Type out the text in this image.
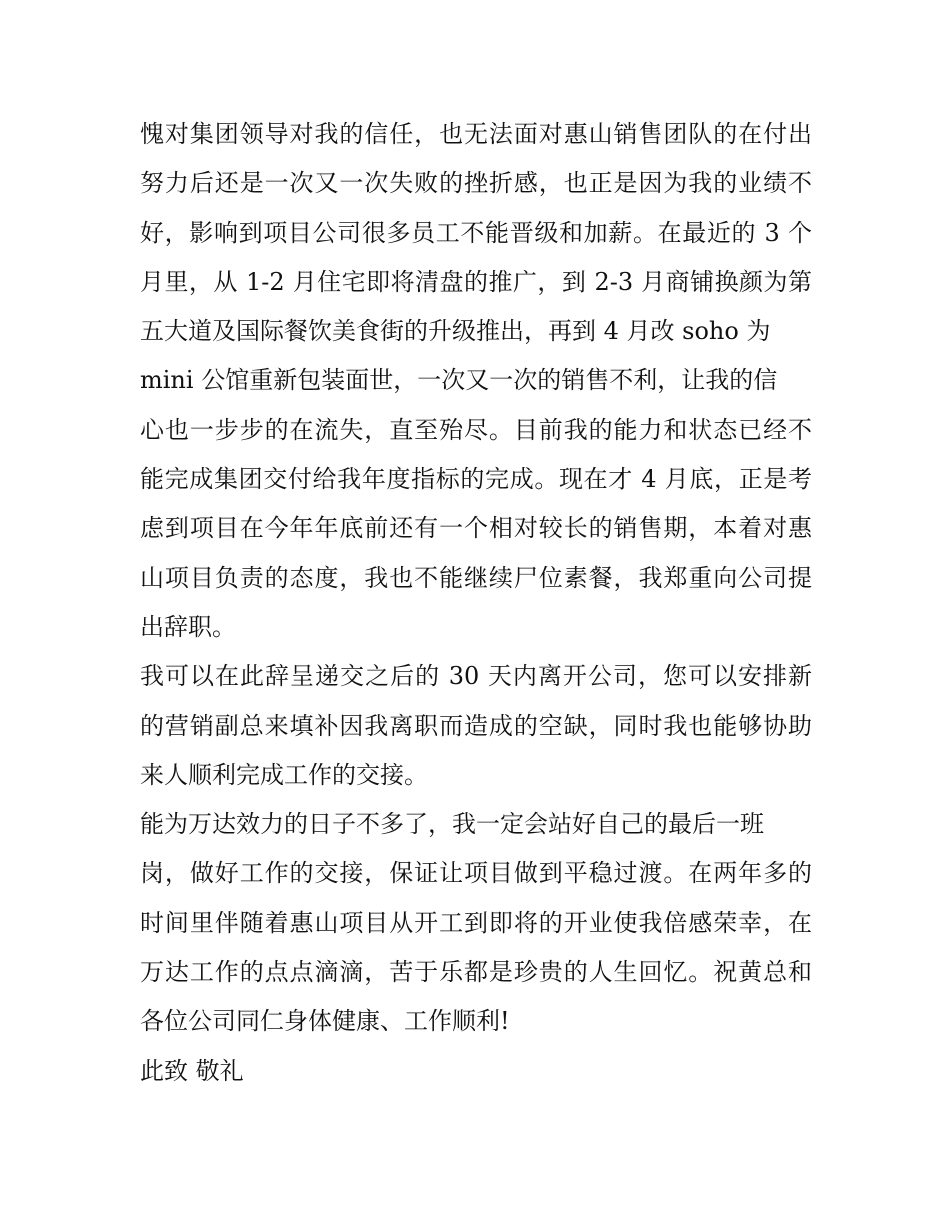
愧对集团领导对我的信任，也无法面对惠山销售团队的在付出
努力后还是一次又一次失败的挫折感，也正是因为我的业绩不
好，影响到项目公司很多员工不能晋级和加薪。在最近的 3 个
月里，从 1-2 月住宅即将清盘的推广，到 2-3 月商铺换颜为第
五大道及国际餐饮美食街的升级推出，再到 4 月改 soho 为
mini 公馆重新包装面世，一次又一次的销售不利，让我的信
心也一步步的在流失，直至殆尽。目前我的能力和状态已经不
能完成集团交付给我年度指标的完成。现在才 4 月底，正是考
虑到项目在今年年底前还有一个相对较长的销售期，本着对惠
山项目负责的态度，我也不能继续尸位素餐，我郑重向公司提
出辞职。
我可以在此辞呈递交之后的 30 天内离开公司，您可以安排新
的营销副总来填补因我离职而造成的空缺，同时我也能够协助
来人顺利完成工作的交接。
能为万达效力的日子不多了，我一定会站好自己的最后一班
岗，做好工作的交接，保证让项目做到平稳过渡。在两年多的
时间里伴随着惠山项目从开工到即将的开业使我倍感荣幸，在
万达工作的点点滴滴，苦于乐都是珍贵的人生回忆。祝黄总和
各位公司同仁身体健康、工作顺利!
此致 敬礼
